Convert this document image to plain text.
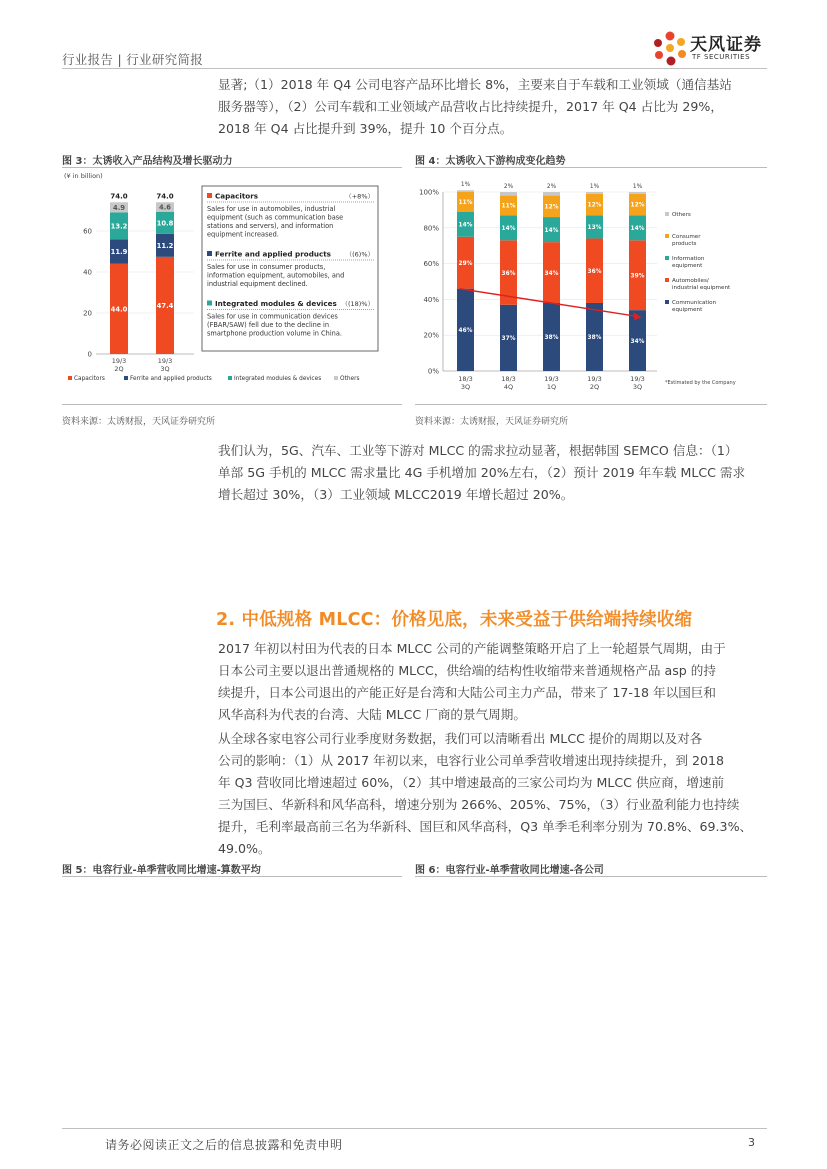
行业报告 | 行业研究简报
天风证券
TF SECURITIES
显著;（1）2018 年 Q4 公司电容产品环比增长 8%，主要来自于车载和工业领域（通信基站
服务器等），（2）公司车载和工业领域产品营收占比持续提升，2017 年 Q4 占比为 29%，
2018 年 Q4 占比提升到 39%，提升 10 个百分点。
图 3：太诱收入产品结构及增长驱动力
(¥ in billion)
0
20
40
60
44.0
11.9
13.2
4.9
74.0
19/3
2Q
47.4
11.2
10.8
4.6
74.0
19/3
3Q
Capacitors	Ferrite and applied products	Integrated modules & devices	Others
Capacitors	（+8%）
Sales for use in automobiles, industrial
equipment (such as communication base
stations and servers), and information
equipment increased.
Ferrite and applied products （(6)%）
Sales for use in consumer products,
information equipment, automobiles, and
industrial equipment declined.
Integrated modules & devices （(18)%）
Sales for use in communication devices
(FBAR/SAW) fell due to the decline in
smartphone production volume in China.
资料来源：太诱财报，天风证券研究所
图 4：太诱收入下游构成变化趋势
0%
20%
40%
60%
80%
100%
46%
29%
14%
11%
1%
18/3
3Q
37%
36%
14%
11%
2%
18/3
4Q
38%
34%
14%
12%
2%
19/3
1Q
38%
36%
13%
12%
1%
19/3
2Q
34%
39%
14%
12%
1%
19/3
3Q
Others
Consumer
products
Information
equipment
Automobiles/
industrial equipment
Communication
equipment
*Estimated by the Company
资料来源：太诱财报，天风证券研究所
我们认为，5G、汽车、工业等下游对 MLCC 的需求拉动显著，根据韩国 SEMCO 信息：（1）
单部 5G 手机的 MLCC 需求量比 4G 手机增加 20%左右，（2）预计 2019 年车载 MLCC 需求
增长超过 30%，（3）工业领域 MLCC2019 年增长超过 20%。
2. 中低规格 MLCC：价格见底，未来受益于供给端持续收缩
2017 年初以村田为代表的日本 MLCC 公司的产能调整策略开启了上一轮超景气周期，由于
日本公司主要以退出普通规格的 MLCC，供给端的结构性收缩带来普通规格产品 asp 的持
续提升，日本公司退出的产能正好是台湾和大陆公司主力产品，带来了 17-18 年以国巨和
风华高科为代表的台湾、大陆 MLCC 厂商的景气周期。
从全球各家电容公司行业季度财务数据，我们可以清晰看出 MLCC 提价的周期以及对各
公司的影响：（1）从 2017 年初以来，电容行业公司单季营收增速出现持续提升，到 2018
年 Q3 营收同比增速超过 60%，（2）其中增速最高的三家公司均为 MLCC 供应商，增速前
三为国巨、华新科和风华高科，增速分别为 266%、205%、75%，（3）行业盈利能力也持续
提升，毛利率最高前三名为华新科、国巨和风华高科，Q3 单季毛利率分别为 70.8%、69.3%、
49.0%。
图 5：电容行业-单季营收同比增速-算数平均	图 6：电容行业-单季营收同比增速-各公司
请务必阅读正文之后的信息披露和免责申明	3
